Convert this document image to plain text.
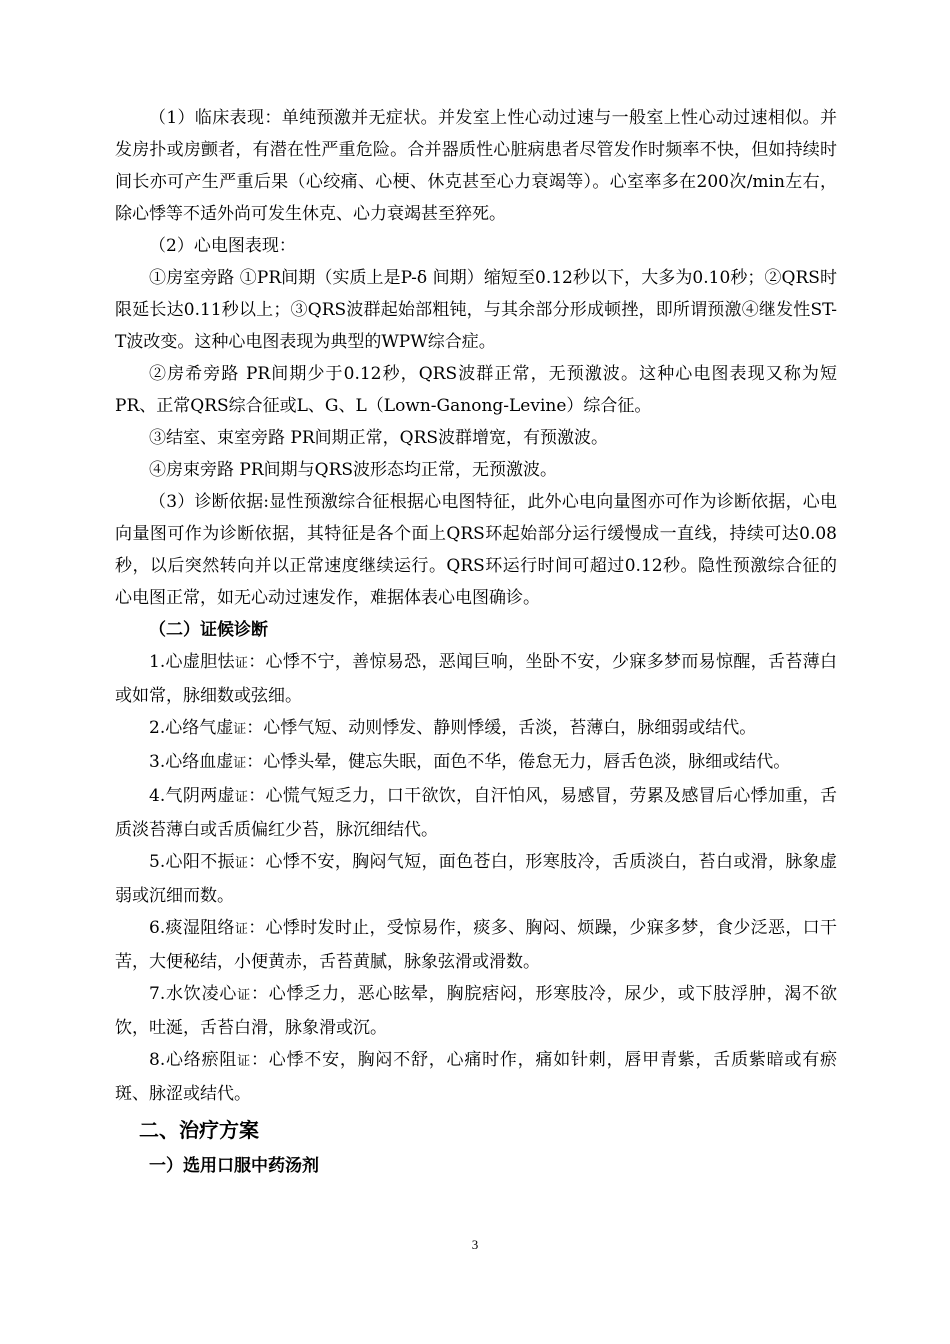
（1）临床表现：单纯预激并无症状。并发室上性心动过速与一般室上性心动过速相似。并发房扑或房颤者，有潜在性严重危险。合并器质性心脏病患者尽管发作时频率不快，但如持续时间长亦可产生严重后果（心绞痛、心梗、休克甚至心力衰竭等）。心室率多在200次/min左右，除心悸等不适外尚可发生休克、心力衰竭甚至猝死。

（2）心电图表现：

①房室旁路 ①PR间期（实质上是P-δ 间期）缩短至0.12秒以下，大多为0.10秒；②QRS时限延长达0.11秒以上；③QRS波群起始部粗钝，与其余部分形成顿挫，即所谓预激④继发性ST-T波改变。这种心电图表现为典型的WPW综合症。

②房希旁路 PR间期少于0.12秒，QRS波群正常，无预激波。这种心电图表现又称为短PR、正常QRS综合征或L、G、L（Lown-Ganong-Levine）综合征。

③结室、束室旁路 PR间期正常，QRS波群增宽，有预激波。

④房束旁路 PR间期与QRS波形态均正常，无预激波。

（3）诊断依据:显性预激综合征根据心电图特征，此外心电向量图亦可作为诊断依据，心电向量图可作为诊断依据，其特征是各个面上QRS环起始部分运行缓慢成一直线，持续可达0.08秒，以后突然转向并以正常速度继续运行。QRS环运行时间可超过0.12秒。隐性预激综合征的心电图正常，如无心动过速发作，难据体表心电图确诊。

（二）证候诊断

1.心虚胆怯证：心悸不宁，善惊易恐，恶闻巨响，坐卧不安，少寐多梦而易惊醒，舌苔薄白或如常，脉细数或弦细。

2.心络气虚证：心悸气短、动则悸发、静则悸缓，舌淡，苔薄白，脉细弱或结代。

3.心络血虚证：心悸头晕，健忘失眠，面色不华，倦怠无力，唇舌色淡，脉细或结代。

4.气阴两虚证：心慌气短乏力，口干欲饮，自汗怕风，易感冒，劳累及感冒后心悸加重，舌质淡苔薄白或舌质偏红少苔，脉沉细结代。

5.心阳不振证：心悸不安，胸闷气短，面色苍白，形寒肢冷，舌质淡白，苔白或滑，脉象虚弱或沉细而数。

6.痰湿阻络证：心悸时发时止，受惊易作，痰多、胸闷、烦躁，少寐多梦，食少泛恶，口干苦，大便秘结，小便黄赤，舌苔黄腻，脉象弦滑或滑数。

7.水饮凌心证：心悸乏力，恶心眩晕，胸脘痞闷，形寒肢冷，尿少，或下肢浮肿，渴不欲饮，吐涎，舌苔白滑，脉象滑或沉。

8.心络瘀阻证：心悸不安，胸闷不舒，心痛时作，痛如针刺，唇甲青紫，舌质紫暗或有瘀斑、脉涩或结代。

二、治疗方案

一）选用口服中药汤剂

3
